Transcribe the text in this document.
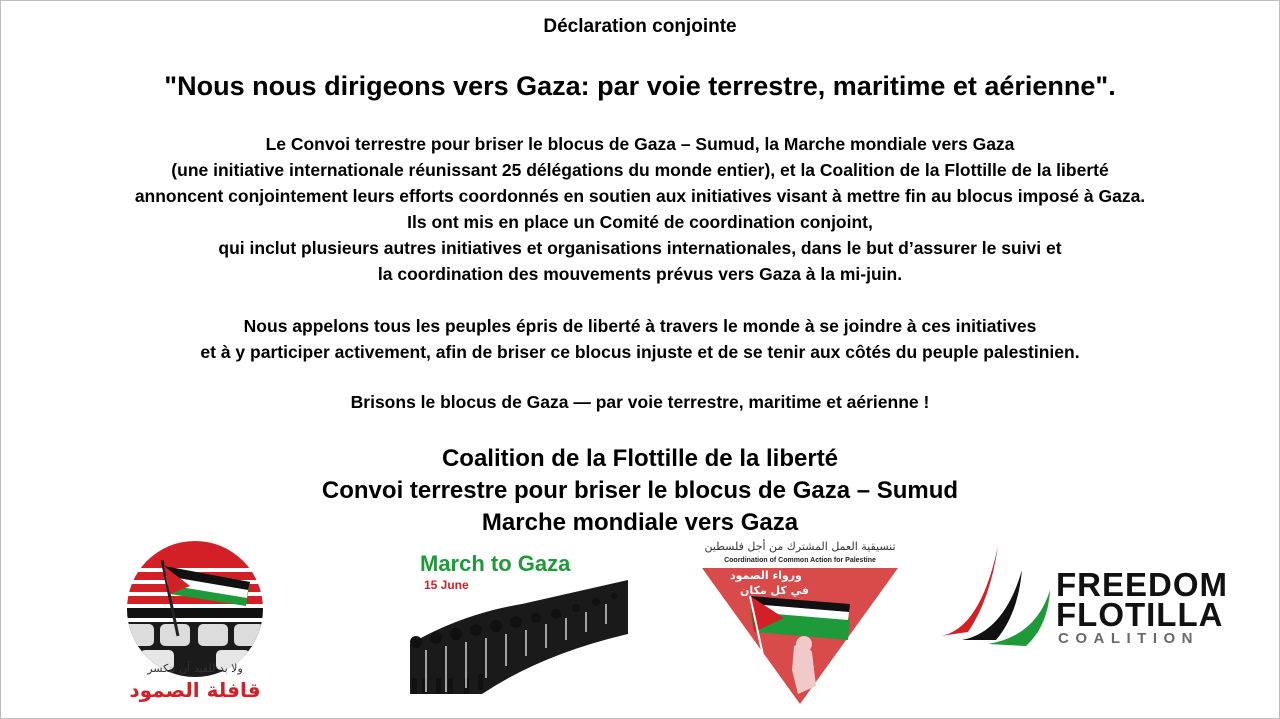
Déclaration conjointe
"Nous nous dirigeons vers Gaza: par voie terrestre, maritime et aérienne".
Le Convoi terrestre pour briser le blocus de Gaza – Sumud, la Marche mondiale vers Gaza
(une initiative internationale réunissant 25 délégations du monde entier), et la Coalition de la Flottille de la liberté
annoncent conjointement leurs efforts coordonnés en soutien aux initiatives visant à mettre fin au blocus imposé à Gaza.
Ils ont mis en place un Comité de coordination conjoint,
qui inclut plusieurs autres initiatives et organisations internationales, dans le but d’assurer le suivi et
la coordination des mouvements prévus vers Gaza à la mi-juin.
Nous appelons tous les peuples épris de liberté à travers le monde à se joindre à ces initiatives
et à y participer activement, afin de briser ce blocus injuste et de se tenir aux côtés du peuple palestinien.
Brisons le blocus de Gaza — par voie terrestre, maritime et aérienne !
Coalition de la Flottille de la liberté
Convoi terrestre pour briser le blocus de Gaza – Sumud
Marche mondiale vers Gaza
ولا بد للقيد أن ينكسر
قافلة الصمود
March to Gaza
15 June
تنسيقية العمل المشترك من أجل فلسطين
Coordination of Common Action for Palestine
ورواء الصمود
في كل مكان	FREEDOM
FLOTILLA
COALITION
